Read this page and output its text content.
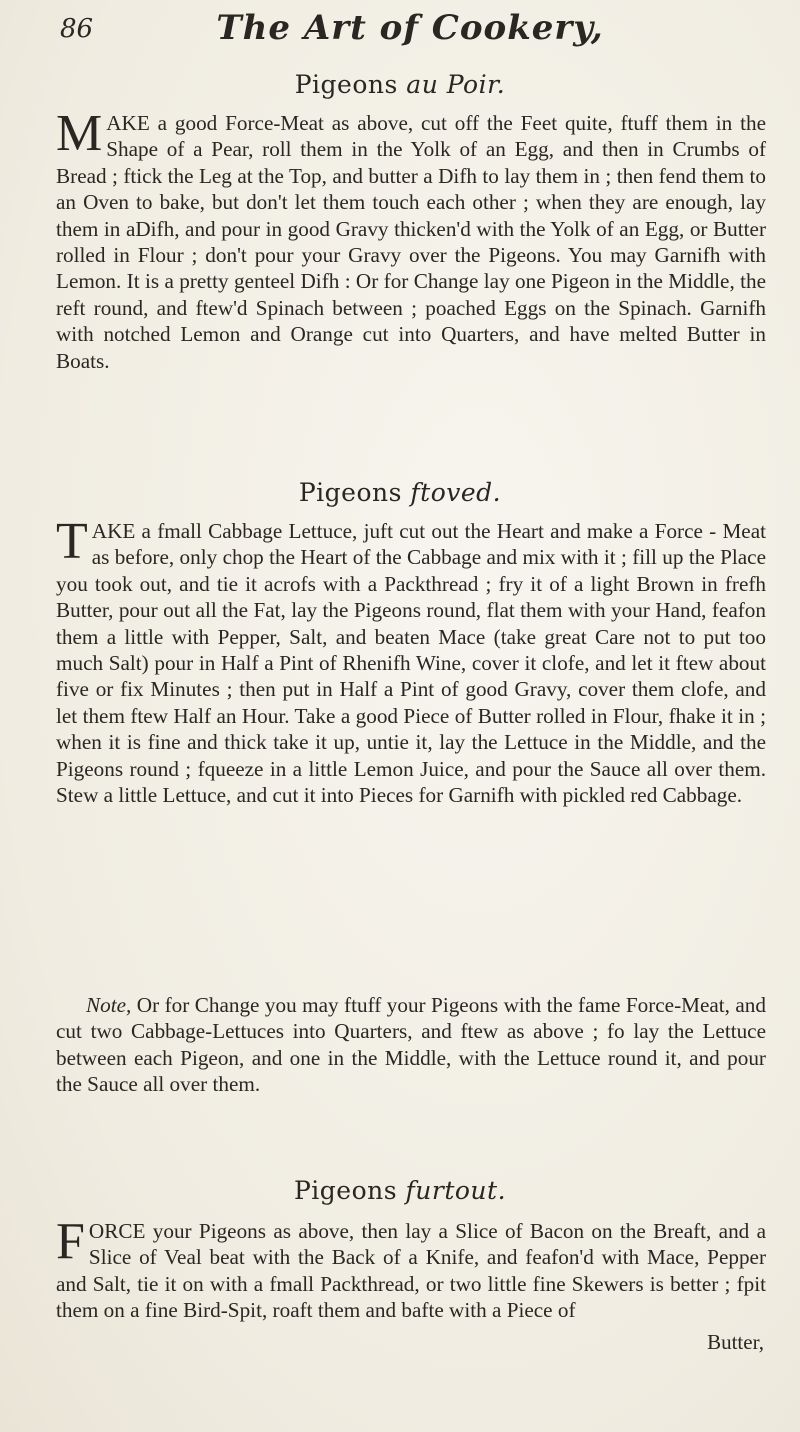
86	The Art of Cookery,
Pigeons au Poir.

MAKE a good Force-Meat as above, cut off the Feet quite, ftuff them in the Shape of a Pear, roll them in the Yolk of an Egg, and then in Crumbs of Bread ; ftick the Leg at the Top, and butter a Difh to lay them in ; then fend them to an Oven to bake, but don't let them touch each other ; when they are enough, lay them in aDifh, and pour in good Gravy thicken'd with the Yolk of an Egg, or Butter rolled in Flour ; don't pour your Gravy over the Pigeons. You may Garnifh with Lemon. It is a pretty genteel Difh : Or for Change lay one Pigeon in the Middle, the reft round, and ftew'd Spinach between ; poached Eggs on the Spinach. Garnifh with notched Lemon and Orange cut into Quarters, and have melted Butter in Boats.

Pigeons ftoved.

TAKE a fmall Cabbage Lettuce, juft cut out the Heart and make a Force - Meat as before, only chop the Heart of the Cabbage and mix with it ; fill up the Place you took out, and tie it acrofs with a Packthread ; fry it of a light Brown in frefh Butter, pour out all the Fat, lay the Pigeons round, flat them with your Hand, feafon them a little with Pepper, Salt, and beaten Mace (take great Care not to put too much Salt) pour in Half a Pint of Rhenifh Wine, cover it clofe, and let it ftew about five or fix Minutes ; then put in Half a Pint of good Gravy, cover them clofe, and let them ftew Half an Hour. Take a good Piece of Butter rolled in Flour, fhake it in ; when it is fine and thick take it up, untie it, lay the Lettuce in the Middle, and the Pigeons round ; fqueeze in a little Lemon Juice, and pour the Sauce all over them. Stew a little Lettuce, and cut it into Pieces for Garnifh with pickled red Cabbage.

Note, Or for Change you may ftuff your Pigeons with the fame Force-Meat, and cut two Cabbage-Lettuces into Quarters, and ftew as above ; fo lay the Lettuce between each Pigeon, and one in the Middle, with the Lettuce round it, and pour the Sauce all over them.

Pigeons furtout.

FORCE your Pigeons as above, then lay a Slice of Bacon on the Breaft, and a Slice of Veal beat with the Back of a Knife, and feafon'd with Mace, Pepper and Salt, tie it on with a fmall Packthread, or two little fine Skewers is better ; fpit them on a fine Bird-Spit, roaft them and bafte with a Piece of

Butter,
